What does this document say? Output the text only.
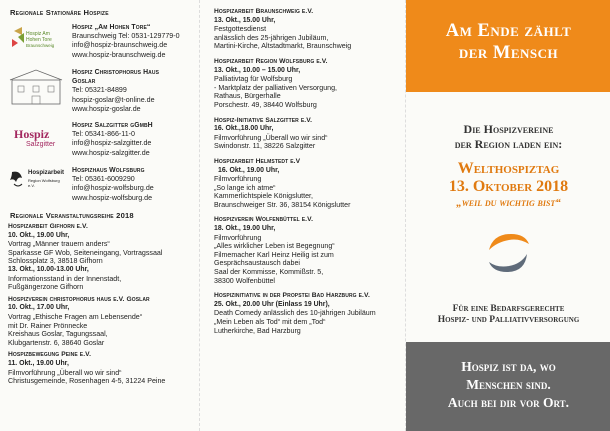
Regionale Stationäre Hospize
Hospiz Am Hohen Tore
Braunschweig
Hospiz „Am Hohen Tore“
Braunschweig Tel: 0531-129779-0
info@hospiz-braunschweig.de
www.hospiz-braunschweig.de
Hospiz Christophorus Haus
Goslar
Tel: 05321-84899
hospiz-goslar@t-online.de
www.hospiz-goslar.de
Hospiz
Salzgitter
Hospiz Salzgitter gGmbH
Tel: 05341-866-11-0
info@hospiz-salzgitter.de
www.hospiz-salzgitter.de
Hospizarbeit
Region Wolfsburg e.V.
Hospizhaus Wolfsburg
Tel: 05361-6009290
info@hospiz-wolfsburg.de
www.hospiz-wolfsburg.de
Regionale Veranstaltungsreihe 2018
Hospizarbeit Gifhorn e.V.

10. Okt., 19.00 Uhr,

Vortrag „Männer trauern anders“

Sparkasse GF Wob, Seiteneingang, Vortragssaal

Schlossplatz 3, 38518 Gifhorn

13. Okt., 10.00-13.00 Uhr,

Informationsstand in der Innenstadt,

Fußgängerzone Gifhorn

Hospizverein christophorus haus e.V. Goslar

10. Okt., 17.00 Uhr,

Vortrag „Ethische Fragen am Lebensende“

mit Dr. Rainer Prönnecke

Kreishaus Goslar, Tagungssaal,

Klubgartenstr. 6, 38640 Goslar

Hospizbewegung Peine e.V.

11. Okt., 19.00 Uhr,

Filmvorführung „Überall wo wir sind“

Christusgemeinde, Rosenhagen 4-5, 31224 Peine

Hospizarbeit Braunschweig e.V.

13. Okt., 15.00 Uhr,

Festgottesdienst

anlässlich des 25-jährigen Jubiläum,

Martini-Kirche, Altstadtmarkt, Braunschweig

Hospizarbeit Region Wolfsburg e.V.

13. Okt., 10.00 – 15.00 Uhr,

Palliativtag für Wolfsburg

- Marktplatz der palliativen Versorgung,

Rathaus, Bürgerhalle

Porschestr. 49, 38440 Wolfsburg

Hospiz-Initiative Salzgitter e.V.

16. Okt.,18.00 Uhr,

Filmvorführung „Überall wo wir sind“

Swindonstr. 11, 38226 Salzgitter

Hospizarbeit Helmstedt e.V

16. Okt., 19.00 Uhr,

Filmvorführung

„So lange ich atme“

Kammerlichtspiele Königslutter,

Braunschweiger Str. 36, 38154 Königslutter

Hospizverein Wolfenbüttel e.V.

18. Okt., 19.00 Uhr,

Filmvorführung

„Alles wirklicher Leben ist Begegnung“

Filmemacher Karl Heinz Heilig ist zum

Gesprächsaustausch dabei

Saal der Kommisse, Kommißstr. 5,

38300 Wolfenbüttel

Hospizinitiative in der Propstei Bad Harzburg e.V.

25. Okt., 20.00 Uhr (Einlass 19 Uhr),

Death Comedy anlässlich des 10-jährigen Jubiläum

„Mein Leben als Tod“ mit dem „Tod“

Lutherkirche, Bad Harzburg

Am Ende zählt
der Mensch
Die Hospizvereine
der Region laden ein:
Welthospiztag
13. Oktober 2018
„weil du wichtig bist“
Für eine Bedarfsgerechte
Hospiz- und Palliativversorgung
Hospiz ist da, wo
Menschen sind.
Auch bei dir vor Ort.
